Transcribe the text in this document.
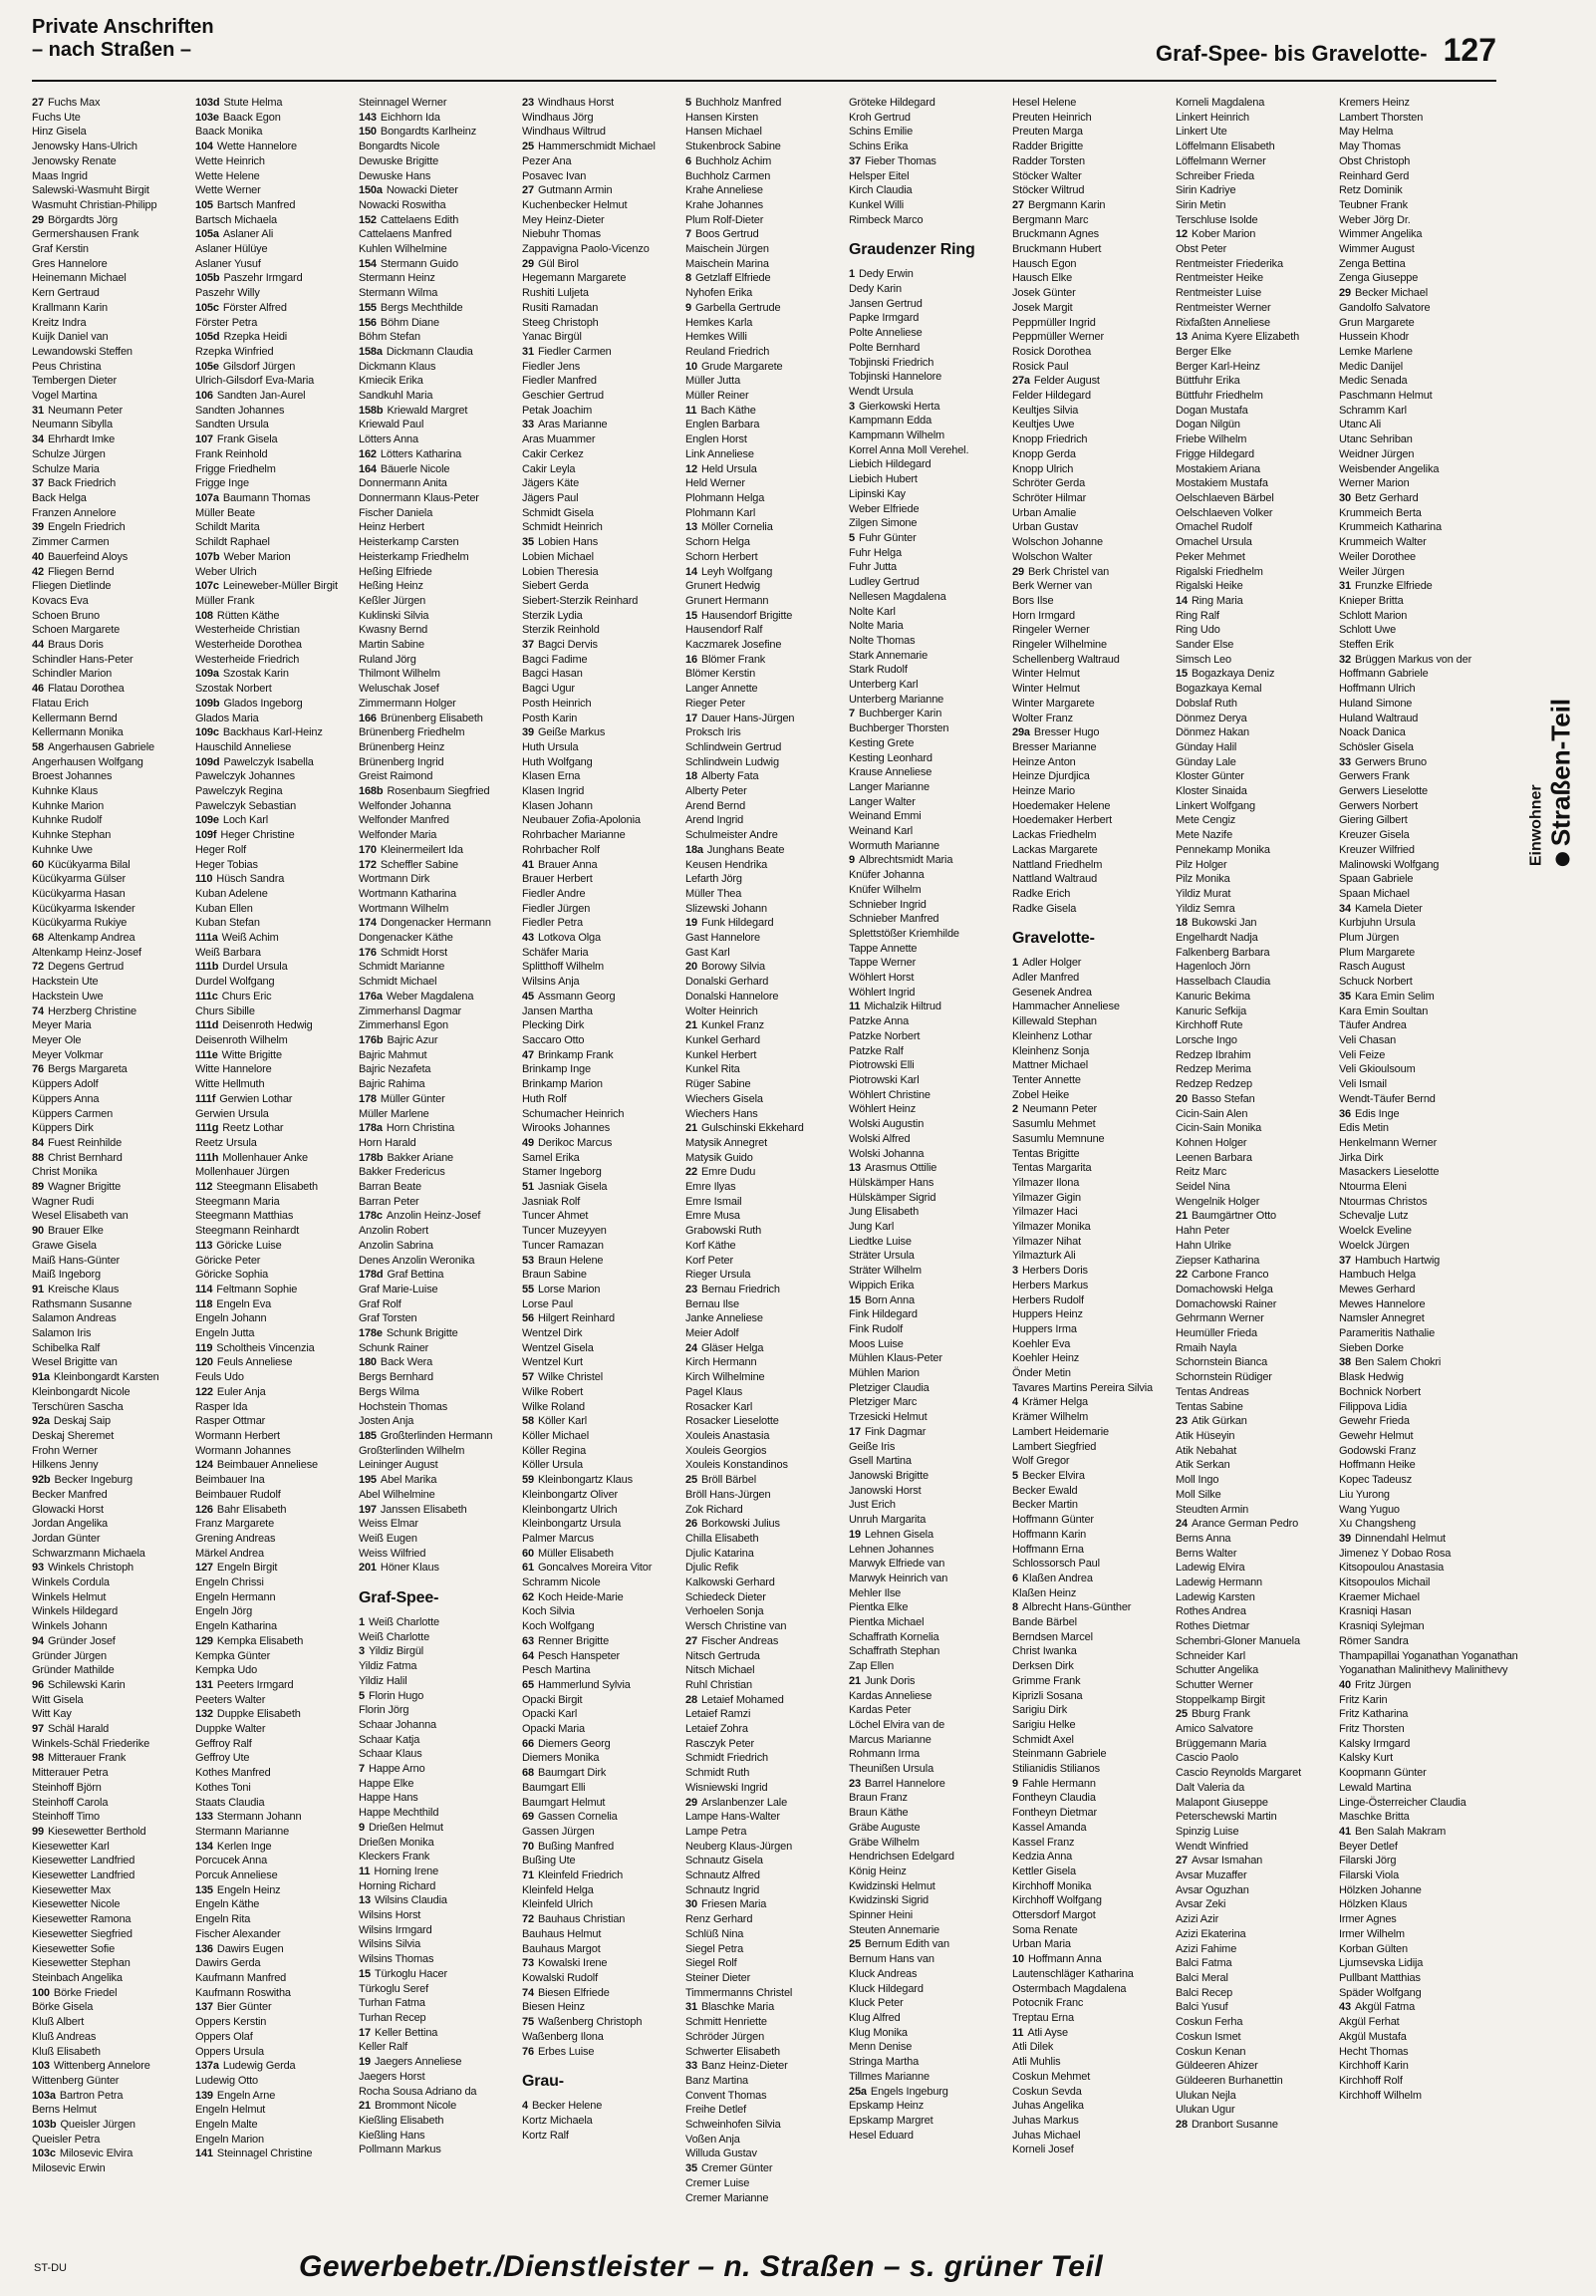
Private Anschriften
– nach Straßen –	Graf-Spee- bis Gravelotte- 127
27 Fuchs Max
Fuchs Ute
Hinz Gisela
Jenowsky Hans-Ulrich
Jenowsky Renate
Maas Ingrid
Salewski-Wasmuht Birgit
Wasmuht Christian-Philipp
29 Börgardts Jörg
Germershausen Frank
Graf Kerstin
Gres Hannelore
Heinemann Michael
Kern Gertraud
Krallmann Karin
Kreitz Indra
Kuijk Daniel van
Lewandowski Steffen
Peus Christina
Tembergen Dieter
Vogel Martina
31 Neumann Peter
Neumann Sibylla
34 Ehrhardt Imke
Schulze Jürgen
Schulze Maria
37 Back Friedrich
Back Helga
Franzen Annelore
39 Engeln Friedrich
Zimmer Carmen
40 Bauerfeind Aloys
42 Fliegen Bernd
Fliegen Dietlinde
Kovacs Eva
Schoen Bruno
Schoen Margarete
44 Braus Doris
Schindler Hans-Peter
Schindler Marion
46 Flatau Dorothea
Flatau Erich
Kellermann Bernd
Kellermann Monika
58 Angerhausen Gabriele
Angerhausen Wolfgang
Broest Johannes
Kuhnke Klaus
Kuhnke Marion
Kuhnke Rudolf
Kuhnke Stephan
Kuhnke Uwe
60 Kücükyarma Bilal
Kücükyarma Gülser
Kücükyarma Hasan
Kücükyarma Iskender
Kücükyarma Rukiye
68 Altenkamp Andrea
Altenkamp Heinz-Josef
72 Degens Gertrud
Hackstein Ute
Hackstein Uwe
74 Herzberg Christine
Meyer Maria
Meyer Ole
Meyer Volkmar
76 Bergs Margareta
Küppers Adolf
Küppers Anna
Küppers Carmen
Küppers Dirk
84 Fuest Reinhilde
88 Christ Bernhard
Christ Monika
89 Wagner Brigitte
Wagner Rudi
Wesel Elisabeth van
90 Brauer Elke
Grawe Gisela
Maiß Hans-Günter
Maiß Ingeborg
91 Kreische Klaus
Rathsmann Susanne
Salamon Andreas
Salamon Iris
Schibelka Ralf
Wesel Brigitte van
91a Kleinbongardt Karsten
Kleinbongardt Nicole
Terschüren Sascha
92a Deskaj Saip
Deskaj Sheremet
Frohn Werner
Hilkens Jenny
92b Becker Ingeburg
Becker Manfred
Glowacki Horst
Jordan Angelika
Jordan Günter
Schwarzmann Michaela
93 Winkels Christoph
Winkels Cordula
Winkels Helmut
Winkels Hildegard
Winkels Johann
94 Gründer Josef
Gründer Jürgen
Gründer Mathilde
96 Schilewski Karin
Witt Gisela
Witt Kay
97 Schäl Harald
Winkels-Schäl Friederike
98 Mitterauer Frank
Mitterauer Petra
Steinhoff Björn
Steinhoff Carola
Steinhoff Timo
99 Kiesewetter Berthold
Kiesewetter Karl
Kiesewetter Landfried
Kiesewetter Landfried
Kiesewetter Max
Kiesewetter Nicole
Kiesewetter Ramona
Kiesewetter Siegfried
Kiesewetter Sofie
Kiesewetter Stephan
Steinbach Angelika
100 Börke Friedel
Börke Gisela
Kluß Albert
Kluß Andreas
Kluß Elisabeth
103 Wittenberg Annelore
Wittenberg Günter
103a Bartron Petra
Berns Helmut
103b Queisler Jürgen
Queisler Petra
103c Milosevic Elvira
Milosevic Erwin
103d Stute Helma
103e Baack Egon
Baack Monika
104 Wette Hannelore
Wette Heinrich
Wette Helene
Wette Werner
105 Bartsch Manfred
Bartsch Michaela
105a Aslaner Ali
Aslaner Hülüye
Aslaner Yusuf
105b Paszehr Irmgard
Paszehr Willy
105c Förster Alfred
Förster Petra
105d Rzepka Heidi
Rzepka Winfried
105e Gilsdorf Jürgen
Ulrich-Gilsdorf Eva-Maria
106 Sandten Jan-Aurel
Sandten Johannes
Sandten Ursula
107 Frank Gisela
Frank Reinhold
Frigge Friedhelm
Frigge Inge
107a Baumann Thomas
Müller Beate
Schildt Marita
Schildt Raphael
107b Weber Marion
Weber Ulrich
107c Leineweber-Müller Birgit
Müller Frank
108 Rütten Käthe
Westerheide Christian
Westerheide Dorothea
Westerheide Friedrich
109a Szostak Karin
Szostak Norbert
109b Glados Ingeborg
Glados Maria
109c Backhaus Karl-Heinz
Hauschild Anneliese
109d Pawelczyk Isabella
Pawelczyk Johannes
Pawelczyk Regina
Pawelczyk Sebastian
109e Loch Karl
109f Heger Christine
Heger Rolf
Heger Tobias
110 Hüsch Sandra
Kuban Adelene
Kuban Ellen
Kuban Stefan
111a Weiß Achim
Weiß Barbara
111b Durdel Ursula
Durdel Wolfgang
111c Churs Eric
Churs Sibille
111d Deisenroth Hedwig
Deisenroth Wilhelm
111e Witte Brigitte
Witte Hannelore
Witte Hellmuth
111f Gerwien Lothar
Gerwien Ursula
111g Reetz Lothar
Reetz Ursula
111h Mollenhauer Anke
Mollenhauer Jürgen
112 Steegmann Elisabeth
Steegmann Maria
Steegmann Matthias
Steegmann Reinhardt
113 Göricke Luise
Göricke Peter
Göricke Sophia
114 Feltmann Sophie
118 Engeln Eva
Engeln Johann
Engeln Jutta
119 Scholtheis Vincenzia
120 Feuls Anneliese
Feuls Udo
122 Euler Anja
Rasper Ida
Rasper Ottmar
Wormann Herbert
Wormann Johannes
124 Beimbauer Anneliese
Beimbauer Ina
Beimbauer Rudolf
126 Bahr Elisabeth
Franz Margarete
Grening Andreas
Märkel Andrea
127 Engeln Birgit
Engeln Chrissi
Engeln Hermann
Engeln Jörg
Engeln Katharina
129 Kempka Elisabeth
Kempka Günter
Kempka Udo
131 Peeters Irmgard
Peeters Walter
132 Duppke Elisabeth
Duppke Walter
Geffroy Ralf
Geffroy Ute
Kothes Manfred
Kothes Toni
Staats Claudia
133 Stermann Johann
Stermann Marianne
134 Kerlen Inge
Porcucek Anna
Porcuk Anneliese
135 Engeln Heinz
Engeln Käthe
Engeln Rita
Fischer Alexander
136 Dawirs Eugen
Dawirs Gerda
Kaufmann Manfred
Kaufmann Roswitha
137 Bier Günter
Oppers Kerstin
Oppers Olaf
Oppers Ursula
137a Ludewig Gerda
Ludewig Otto
139 Engeln Arne
Engeln Helmut
Engeln Malte
Engeln Marion
141 Steinnagel Christine
Steinnagel Werner
143 Eichhorn Ida
150 Bongardts Karlheinz
Bongardts Nicole
Dewuske Brigitte
Dewuske Hans
150a Nowacki Dieter
Nowacki Roswitha
152 Cattelaens Edith
Cattelaens Manfred
Kuhlen Wilhelmine
154 Stermann Guido
Stermann Heinz
Stermann Wilma
155 Bergs Mechthilde
156 Böhm Diane
Böhm Stefan
158a Dickmann Claudia
Dickmann Klaus
Kmiecik Erika
Sandkuhl Maria
158b Kriewald Margret
Kriewald Paul
Lötters Anna
162 Lötters Katharina
164 Bäuerle Nicole
Donnermann Anita
Donnermann Klaus-Peter
Fischer Daniela
Heinz Herbert
Heisterkamp Carsten
Heisterkamp Friedhelm
Heßing Elfriede
Heßing Heinz
Keßler Jürgen
Kuklinski Silvia
Kwasny Bernd
Martin Sabine
Ruland Jörg
Thilmont Wilhelm
Weluschak Josef
Zimmermann Holger
166 Brünenberg Elisabeth
Brünenberg Friedhelm
Brünenberg Heinz
Brünenberg Ingrid
Greist Raimond
168b Rosenbaum Siegfried
Welfonder Johanna
Welfonder Manfred
Welfonder Maria
170 Kleinermeilert Ida
172 Scheffler Sabine
Wortmann Dirk
Wortmann Katharina
Wortmann Wilhelm
174 Dongenacker Hermann
Dongenacker Käthe
176 Schmidt Horst
Schmidt Marianne
Schmidt Michael
176a Weber Magdalena
Zimmerhansl Dagmar
Zimmerhansl Egon
176b Bajric Azur
Bajric Mahmut
Bajric Nezafeta
Bajric Rahima
178 Müller Günter
Müller Marlene
178a Horn Christina
Horn Harald
178b Bakker Ariane
Bakker Fredericus
Barran Beate
Barran Peter
178c Anzolin Heinz-Josef
Anzolin Robert
Anzolin Sabrina
Denes Anzolin Weronika
178d Graf Bettina
Graf Marie-Luise
Graf Rolf
Graf Torsten
178e Schunk Brigitte
Schunk Rainer
180 Back Wera
Bergs Bernhard
Bergs Wilma
Hochstein Thomas
Josten Anja
185 Großterlinden Hermann
Großterlinden Wilhelm
Leininger August
195 Abel Marika
Abel Wilhelmine
197 Janssen Elisabeth
Weiss Elmar
Weiß Eugen
Weiss Wilfried
201 Höner Klaus
Graf-Spee-
1 Weiß Charlotte
Weiß Charlotte
3 Yildiz Birgül
Yildiz Fatma
Yildiz Halil
5 Florin Hugo
Florin Jörg
Schaar Johanna
Schaar Katja
Schaar Klaus
7 Happe Arno
Happe Elke
Happe Hans
Happe Mechthild
9 Drießen Helmut
Drießen Monika
Kleckers Frank
11 Horning Irene
Horning Richard
13 Wilsins Claudia
Wilsins Horst
Wilsins Irmgard
Wilsins Silvia
Wilsins Thomas
15 Türkoglu Hacer
Türkoglu Seref
Turhan Fatma
Turhan Recep
17 Keller Bettina
Keller Ralf
19 Jaegers Anneliese
Jaegers Horst
Rocha Sousa Adriano da
21 Brommont Nicole
Kießling Elisabeth
Kießling Hans
Pollmann Markus
23 Windhaus Horst
Windhaus Jörg
Windhaus Wiltrud
25 Hammerschmidt Michael
Pezer Ana
Posavec Ivan
27 Gutmann Armin
Kuchenbecker Helmut
Mey Heinz-Dieter
Niebuhr Thomas
Zappavigna Paolo-Vicenzo
29 Gül Birol
Hegemann Margarete
Rushiti Luljeta
Rusiti Ramadan
Steeg Christoph
Yanac Birgül
31 Fiedler Carmen
Fiedler Jens
Fiedler Manfred
Geschier Gertrud
Petak Joachim
33 Aras Marianne
Aras Muammer
Cakir Cerkez
Cakir Leyla
Jägers Käte
Jägers Paul
Schmidt Gisela
Schmidt Heinrich
35 Lobien Hans
Lobien Michael
Lobien Theresia
Siebert Gerda
Siebert-Sterzik Reinhard
Sterzik Lydia
Sterzik Reinhold
37 Bagci Dervis
Bagci Fadime
Bagci Hasan
Bagci Ugur
Posth Heinrich
Posth Karin
39 Geiße Markus
Huth Ursula
Huth Wolfgang
Klasen Erna
Klasen Ingrid
Klasen Johann
Neubauer Zofia-Apolonia
Rohrbacher Marianne
Rohrbacher Rolf
41 Brauer Anna
Brauer Herbert
Fiedler Andre
Fiedler Jürgen
Fiedler Petra
43 Lotkova Olga
Schäfer Maria
Splitthoff Wilhelm
Wilsins Anja
45 Assmann Georg
Jansen Martha
Plecking Dirk
Saccaro Otto
47 Brinkamp Frank
Brinkamp Inge
Brinkamp Marion
Huth Rolf
Schumacher Heinrich
Wirooks Johannes
49 Derikoc Marcus
Samel Erika
Stamer Ingeborg
51 Jasniak Gisela
Jasniak Rolf
Tuncer Ahmet
Tuncer Muzeyyen
Tuncer Ramazan
53 Braun Helene
Braun Sabine
55 Lorse Marion
Lorse Paul
56 Hilgert Reinhard
Wentzel Dirk
Wentzel Gisela
Wentzel Kurt
57 Wilke Christel
Wilke Robert
Wilke Roland
58 Köller Karl
Köller Michael
Köller Regina
Köller Ursula
59 Kleinbongartz Klaus
Kleinbongartz Oliver
Kleinbongartz Ulrich
Kleinbongartz Ursula
Palmer Marcus
60 Müller Elisabeth
61 Goncalves Moreira Vitor
Schramm Nicole
62 Koch Heide-Marie
Koch Silvia
Koch Wolfgang
63 Renner Brigitte
64 Pesch Hanspeter
Pesch Martina
65 Hammerlund Sylvia
Opacki Birgit
Opacki Karl
Opacki Maria
66 Diemers Georg
Diemers Monika
68 Baumgart Dirk
Baumgart Elli
Baumgart Helmut
69 Gassen Cornelia
Gassen Jürgen
70 Bußing Manfred
Bußing Ute
71 Kleinfeld Friedrich
Kleinfeld Helga
Kleinfeld Ulrich
72 Bauhaus Christian
Bauhaus Helmut
Bauhaus Margot
73 Kowalski Irene
Kowalski Rudolf
74 Biesen Elfriede
Biesen Heinz
75 Waßenberg Christoph
Waßenberg Ilona
76 Erbes Luise
Grau-
4 Becker Helene
Kortz Michaela
Kortz Ralf
5 Buchholz Manfred
Hansen Kirsten
Hansen Michael
Stukenbrock Sabine
6 Buchholz Achim
Buchholz Carmen
Krahe Anneliese
Krahe Johannes
Plum Rolf-Dieter
7 Boos Gertrud
Maischein Jürgen
Maischein Marina
8 Getzlaff Elfriede
Nyhofen Erika
9 Garbella Gertrude
Hemkes Karla
Hemkes Willi
Reuland Friedrich
10 Grude Margarete
Müller Jutta
Müller Reiner
11 Bach Käthe
Englen Barbara
Englen Horst
Link Anneliese
12 Held Ursula
Held Werner
Plohmann Helga
Plohmann Karl
13 Möller Cornelia
Schorn Helga
Schorn Herbert
14 Leyh Wolfgang
Grunert Hedwig
Grunert Hermann
15 Hausendorf Brigitte
Hausendorf Ralf
Kaczmarek Josefine
16 Blömer Frank
Blömer Kerstin
Langer Annette
Rieger Peter
17 Dauer Hans-Jürgen
Proksch Iris
Schlindwein Gertrud
Schlindwein Ludwig
18 Alberty Fata
Alberty Peter
Arend Bernd
Arend Ingrid
Schulmeister Andre
18a Junghans Beate
Keusen Hendrika
Lefarth Jörg
Müller Thea
Slizewski Johann
19 Funk Hildegard
Gast Hannelore
Gast Karl
20 Borowy Silvia
Donalski Gerhard
Donalski Hannelore
Wolter Heinrich
21 Kunkel Franz
Kunkel Gerhard
Kunkel Herbert
Kunkel Rita
Rüger Sabine
Wiechers Gisela
Wiechers Hans
21 Gulschinski Ekkehard
Matysik Annegret
Matysik Guido
22 Emre Dudu
Emre Ilyas
Emre Ismail
Emre Musa
Grabowski Ruth
Korf Käthe
Korf Peter
Rieger Ursula
23 Bernau Friedrich
Bernau Ilse
Janke Anneliese
Meier Adolf
24 Gläser Helga
Kirch Hermann
Kirch Wilhelmine
Pagel Klaus
Rosacker Karl
Rosacker Lieselotte
Xouleis Anastasia
Xouleis Georgios
Xouleis Konstandinos
25 Bröll Bärbel
Bröll Hans-Jürgen
Zok Richard
26 Borkowski Julius
Chilla Elisabeth
Djulic Katarina
Djulic Refik
Kalkowski Gerhard
Schiedeck Dieter
Verhoelen Sonja
Wersch Christine van
27 Fischer Andreas
Nitsch Gertruda
Nitsch Michael
Ruhl Christian
28 Letaief Mohamed
Letaief Ramzi
Letaief Zohra
Rasczyk Peter
Schmidt Friedrich
Schmidt Ruth
Wisniewski Ingrid
29 Arslanbenzer Lale
Lampe Hans-Walter
Lampe Petra
Neuberg Klaus-Jürgen
Schnautz Gisela
Schnautz Alfred
Schnautz Ingrid
30 Friesen Maria
Renz Gerhard
Schlüß Nina
Siegel Petra
Siegel Rolf
Steiner Dieter
Timmermanns Christel
31 Blaschke Maria
Schmitt Henriette
Schröder Jürgen
Schwerter Elisabeth
33 Banz Heinz-Dieter
Banz Martina
Convent Thomas
Freihe Detlef
Schweinhofen Silvia
Voßen Anja
Willuda Gustav
35 Cremer Günter
Cremer Luise
Cremer Marianne
Gröteke Hildegard
Kroh Gertrud
Schins Emilie
Schins Erika
37 Fieber Thomas
Helsper Eitel
Kirch Claudia
Kunkel Willi
Rimbeck Marco
Graudenzer Ring
1 Dedy Erwin
Dedy Karin
Jansen Gertrud
Papke Irmgard
Polte Anneliese
Polte Bernhard
Tobjinski Friedrich
Tobjinski Hannelore
Wendt Ursula
3 Gierkowski Herta
Kampmann Edda
Kampmann Wilhelm
Korrel Anna Moll Verehel.
Liebich Hildegard
Liebich Hubert
Lipinski Kay
Weber Elfriede
Zilgen Simone
5 Fuhr Günter
Fuhr Helga
Fuhr Jutta
Ludley Gertrud
Nellesen Magdalena
Nolte Karl
Nolte Maria
Nolte Thomas
Stark Annemarie
Stark Rudolf
Unterberg Karl
Unterberg Marianne
7 Buchberger Karin
Buchberger Thorsten
Kesting Grete
Kesting Leonhard
Krause Anneliese
Langer Marianne
Langer Walter
Weinand Emmi
Weinand Karl
Wormuth Marianne
9 Albrechtsmidt Maria
Knüfer Johanna
Knüfer Wilhelm
Schnieber Ingrid
Schnieber Manfred
Splettstößer Kriemhilde
Tappe Annette
Tappe Werner
Wöhlert Horst
Wöhlert Ingrid
11 Michalzik Hiltrud
Patzke Anna
Patzke Norbert
Patzke Ralf
Piotrowski Elli
Piotrowski Karl
Wöhlert Christine
Wöhlert Heinz
Wolski Augustin
Wolski Alfred
Wolski Johanna
13 Arasmus Ottilie
Hülskämper Hans
Hülskämper Sigrid
Jung Elisabeth
Jung Karl
Liedtke Luise
Sträter Ursula
Sträter Wilhelm
Wippich Erika
15 Born Anna
Fink Hildegard
Fink Rudolf
Moos Luise
Mühlen Klaus-Peter
Mühlen Marion
Pletziger Claudia
Pletziger Marc
Trzesicki Helmut
17 Fink Dagmar
Geiße Iris
Gsell Martina
Janowski Brigitte
Janowski Horst
Just Erich
Unruh Margarita
19 Lehnen Gisela
Lehnen Johannes
Marwyk Elfriede van
Marwyk Heinrich van
Mehler Ilse
Pientka Elke
Pientka Michael
Schaffrath Kornelia
Schaffrath Stephan
Zap Ellen
21 Junk Doris
Kardas Anneliese
Kardas Peter
Löchel Elvira van de
Marcus Marianne
Rohmann Irma
Theunißen Ursula
23 Barrel Hannelore
Braun Franz
Braun Käthe
Gräbe Auguste
Gräbe Wilhelm
Hendrichsen Edelgard
König Heinz
Kwidzinski Helmut
Kwidzinski Sigrid
Spinner Heini
Steuten Annemarie
25 Bernum Edith van
Bernum Hans van
Kluck Andreas
Kluck Hildegard
Kluck Peter
Klug Alfred
Klug Monika
Menn Denise
Stringa Martha
Tillmes Marianne
25a Engels Ingeburg
Epskamp Heinz
Epskamp Margret
Hesel Eduard
Hesel Helene
Preuten Heinrich
Preuten Marga
Radder Brigitte
Radder Torsten
Stöcker Walter
Stöcker Wiltrud
27 Bergmann Karin
Bergmann Marc
Bruckmann Agnes
Bruckmann Hubert
Hausch Egon
Hausch Elke
Josek Günter
Josek Margit
Peppmüller Ingrid
Peppmüller Werner
Rosick Dorothea
Rosick Paul
27a Felder August
Felder Hildegard
Keultjes Silvia
Keultjes Uwe
Knopp Friedrich
Knopp Gerda
Knopp Ulrich
Schröter Gerda
Schröter Hilmar
Urban Amalie
Urban Gustav
Wolschon Johanne
Wolschon Walter
29 Berk Christel van
Berk Werner van
Bors Ilse
Horn Irmgard
Ringeler Werner
Ringeler Wilhelmine
Schellenberg Waltraud
Winter Helmut
Winter Helmut
Winter Margarete
Wolter Franz
29a Bresser Hugo
Bresser Marianne
Heinze Anton
Heinze Djurdjica
Heinze Mario
Hoedemaker Helene
Hoedemaker Herbert
Lackas Friedhelm
Lackas Margarete
Nattland Friedhelm
Nattland Waltraud
Radke Erich
Radke Gisela
Gravelotte-
1 Adler Holger
Adler Manfred
Gesenek Andrea
Hammacher Anneliese
Killewald Stephan
Kleinhenz Lothar
Kleinhenz Sonja
Mattner Michael
Tenter Annette
Zobel Heike
2 Neumann Peter
Sasumlu Mehmet
Sasumlu Memnune
Tentas Brigitte
Tentas Margarita
Yilmazer Ilona
Yilmazer Gigin
Yilmazer Haci
Yilmazer Monika
Yilmazer Nihat
Yilmazturk Ali
3 Herbers Doris
Herbers Markus
Herbers Rudolf
Huppers Heinz
Huppers Irma
Koehler Eva
Koehler Heinz
Önder Metin
Tavares Martins Pereira Silvia
4 Krämer Helga
Krämer Wilhelm
Lambert Heidemarie
Lambert Siegfried
Wolf Gregor
5 Becker Elvira
Becker Ewald
Becker Martin
Hoffmann Günter
Hoffmann Karin
Hoffmann Erna
Schlossorsch Paul
6 Klaßen Andrea
Klaßen Heinz
8 Albrecht Hans-Günther
Bande Bärbel
Berndsen Marcel
Christ Iwanka
Derksen Dirk
Grimme Frank
Kiprizli Sosana
Sarigiu Dirk
Sarigiu Helke
Schmidt Axel
Steinmann Gabriele
Stilianidis Stilianos
9 Fahle Hermann
Fontheyn Claudia
Fontheyn Dietmar
Kassel Amanda
Kassel Franz
Kedzia Anna
Kettler Gisela
Kirchhoff Monika
Kirchhoff Wolfgang
Ottersdorf Margot
Soma Renate
Urban Maria
10 Hoffmann Anna
Lautenschläger Katharina
Ostermbach Magdalena
Potocnik Franc
Treptau Erna
11 Atli Ayse
Atli Dilek
Atli Muhlis
Coskun Mehmet
Coskun Sevda
Juhas Angelika
Juhas Markus
Juhas Michael
Korneli Josef
Korneli Magdalena
Linkert Heinrich
Linkert Ute
Löffelmann Elisabeth
Löffelmann Werner
Schreiber Frieda
Sirin Kadriye
Sirin Metin
Terschluse Isolde
12 Kober Marion
Obst Peter
Rentmeister Friederika
Rentmeister Heike
Rentmeister Luise
Rentmeister Werner
Rixfaßten Anneliese
13 Anima Kyere Elizabeth
Berger Elke
Berger Karl-Heinz
Büttfuhr Erika
Büttfuhr Friedhelm
Dogan Mustafa
Dogan Nilgün
Friebe Wilhelm
Frigge Hildegard
Mostakiem Ariana
Mostakiem Mustafa
Oelschlaeven Bärbel
Oelschlaeven Volker
Omachel Rudolf
Omachel Ursula
Peker Mehmet
Rigalski Friedhelm
Rigalski Heike
14 Ring Maria
Ring Ralf
Ring Udo
Sander Else
Simsch Leo
15 Bogazkaya Deniz
Bogazkaya Kemal
Dobslaf Ruth
Dönmez Derya
Dönmez Hakan
Günday Halil
Günday Lale
Kloster Günter
Kloster Sinaida
Linkert Wolfgang
Mete Cengiz
Mete Nazife
Pennekamp Monika
Pilz Holger
Pilz Monika
Yildiz Murat
Yildiz Semra
18 Bukowski Jan
Engelhardt Nadja
Falkenberg Barbara
Hagenloch Jörn
Hasselbach Claudia
Kanuric Bekima
Kanuric Sefkija
Kirchhoff Rute
Lorsche Ingo
Redzep Ibrahim
Redzep Merima
Redzep Redzep
20 Basso Stefan
Cicin-Sain Alen
Cicin-Sain Monika
Kohnen Holger
Leenen Barbara
Reitz Marc
Seidel Nina
Wengelnik Holger
21 Baumgärtner Otto
Hahn Peter
Hahn Ulrike
Ziepser Katharina
22 Carbone Franco
Domachowski Helga
Domachowski Rainer
Gehrmann Werner
Heumüller Frieda
Rmaih Nayla
Schornstein Bianca
Schornstein Rüdiger
Tentas Andreas
Tentas Sabine
23 Atik Gürkan
Atik Hüseyin
Atik Nebahat
Atik Serkan
Moll Ingo
Moll Silke
Steudten Armin
24 Arance German Pedro
Berns Anna
Berns Walter
Ladewig Elvira
Ladewig Hermann
Ladewig Karsten
Rothes Andrea
Rothes Dietmar
Schembri-Gloner Manuela
Schneider Karl
Schutter Angelika
Schutter Werner
Stoppelkamp Birgit
25 Bburg Frank
Amico Salvatore
Brüggemann Maria
Cascio Paolo
Cascio Reynolds Margaret
Dalt Valeria da
Malapont Giuseppe
Peterschewski Martin
Spinzig Luise
Wendt Winfried
27 Avsar Ismahan
Avsar Muzaffer
Avsar Oguzhan
Avsar Zeki
Azizi Azir
Azizi Ekaterina
Azizi Fahime
Balci Fatma
Balci Meral
Balci Recep
Balci Yusuf
Coskun Ferha
Coskun Ismet
Coskun Kenan
Güldeeren Ahizer
Güldeeren Burhanettin
Ulukan Nejla
Ulukan Ugur
28 Dranbort Susanne
Kremers Heinz
Lambert Thorsten
May Helma
May Thomas
Obst Christoph
Reinhard Gerd
Retz Dominik
Teubner Frank
Weber Jörg Dr.
Wimmer Angelika
Wimmer August
Zenga Bettina
Zenga Giuseppe
29 Becker Michael
Gandolfo Salvatore
Grun Margarete
Hussein Khodr
Lemke Marlene
Medic Danijel
Medic Senada
Paschmann Helmut
Schramm Karl
Utanc Ali
Utanc Sehriban
Weidner Jürgen
Weisbender Angelika
Werner Marion
30 Betz Gerhard
Krummeich Berta
Krummeich Katharina
Krummeich Walter
Weiler Dorothee
Weiler Jürgen
31 Frunzke Elfriede
Knieper Britta
Schlott Marion
Schlott Uwe
Steffen Erik
32 Brüggen Markus von der
Hoffmann Gabriele
Hoffmann Ulrich
Huland Simone
Huland Waltraud
Noack Danica
Schösler Gisela
33 Gerwers Bruno
Gerwers Frank
Gerwers Lieselotte
Gerwers Norbert
Giering Gilbert
Kreuzer Gisela
Kreuzer Wilfried
Malinowski Wolfgang
Spaan Gabriele
Spaan Michael
34 Kamela Dieter
Kurbjuhn Ursula
Plum Jürgen
Plum Margarete
Rasch August
Schuck Norbert
35 Kara Emin Selim
Kara Emin Soultan
Täufer Andrea
Veli Chasan
Veli Feize
Veli Gkioulsoum
Veli Ismail
Wendt-Täufer Bernd
36 Edis Inge
Edis Metin
Henkelmann Werner
Jirka Dirk
Masackers Lieselotte
Ntourma Eleni
Ntourmas Christos
Schevalje Lutz
Woelck Eveline
Woelck Jürgen
37 Hambuch Hartwig
Hambuch Helga
Mewes Gerhard
Mewes Hannelore
Namsler Annegret
Parameritis Nathalie
Sieben Dorke
38 Ben Salem Chokri
Blask Hedwig
Bochnick Norbert
Filippova Lidia
Gewehr Frieda
Gewehr Helmut
Godowski Franz
Hoffmann Heike
Kopec Tadeusz
Liu Yurong
Wang Yuguo
Xu Changsheng
39 Dinnendahl Helmut
Jimenez Y Dobao Rosa
Kitsopoulou Anastasia
Kitsopoulos Michail
Kraemer Michael
Krasniqi Hasan
Krasniqi Sylejman
Römer Sandra
Thampapillai Yoganathan Yoganathan
Yoganathan Malinithevy Malinithevy
40 Fritz Jürgen
Fritz Karin
Fritz Katharina
Fritz Thorsten
Kalsky Irmgard
Kalsky Kurt
Koopmann Günter
Lewald Martina
Linge-Österreicher Claudia
Maschke Britta
41 Ben Salah Makram
Beyer Detlef
Filarski Jörg
Filarski Viola
Hölzken Johanne
Hölzken Klaus
Irmer Agnes
Irmer Wilhelm
Korban Gülten
Ljumsevska Lidija
Pullbant Matthias
Späder Wolfgang
43 Akgül Fatma
Akgül Ferhat
Akgül Mustafa
Hecht Thomas
Kirchhoff Karin
Kirchhoff Rolf
Kirchhoff Wilhelm
Einwohner Straßen-Teil
ST-DU	Gewerbebetr./Dienstleister – n. Straßen – s. grüner Teil
